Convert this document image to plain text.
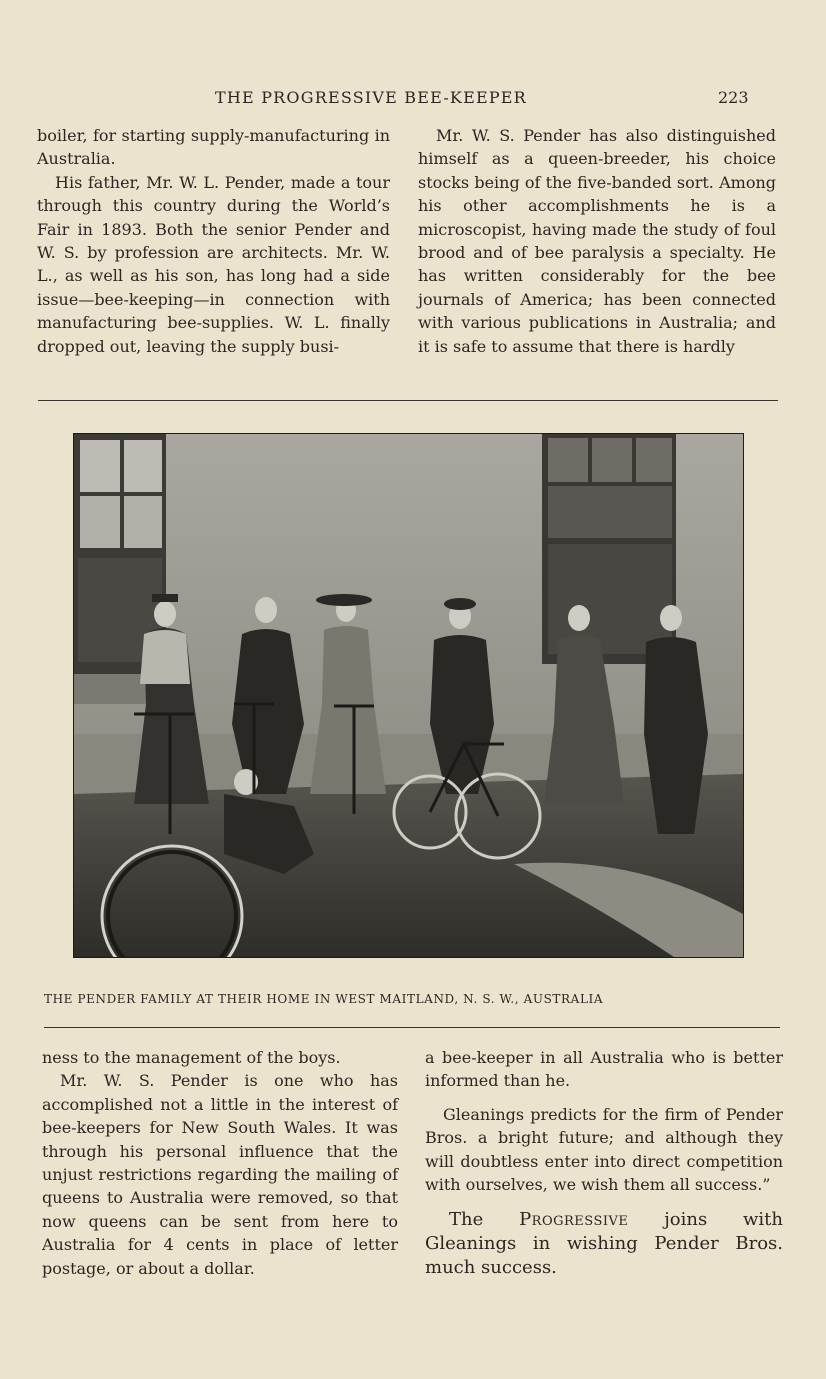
THE PROGRESSIVE BEE-KEEPER	223

boiler, for starting supply-manufacturing in Australia.

His father, Mr. W. L. Pender, made a tour through this country during the World’s Fair in 1893. Both the senior Pender and W. S. by profession are architects. Mr. W. L., as well as his son, has long had a side issue—bee-keeping—in connection with manufacturing bee-supplies. W. L. finally dropped out, leaving the supply busi-

Mr. W. S. Pender has also distinguished himself as a queen-breeder, his choice stocks being of the five-banded sort. Among his other accomplishments he is a microscopist, having made the study of foul brood and of bee paralysis a specialty. He has written considerably for the bee journals of America; has been connected with various publications in Australia; and it is safe to assume that there is hardly

THE PENDER FAMILY AT THEIR HOME IN WEST MAITLAND, N. S. W., AUSTRALIA

ness to the management of the boys.

Mr. W. S. Pender is one who has accomplished not a little in the interest of bee-keepers for New South Wales. It was through his personal influence that the unjust restrictions regarding the mailing of queens to Australia were removed, so that now queens can be sent from here to Australia for 4 cents in place of letter postage, or about a dollar.

a bee-keeper in all Australia who is better informed than he.

Gleanings predicts for the firm of Pender Bros. a bright future; and although they will doubtless enter into direct competition with ourselves, we wish them all success.”

The Progressive joins with Gleanings in wishing Pender Bros. much success.
